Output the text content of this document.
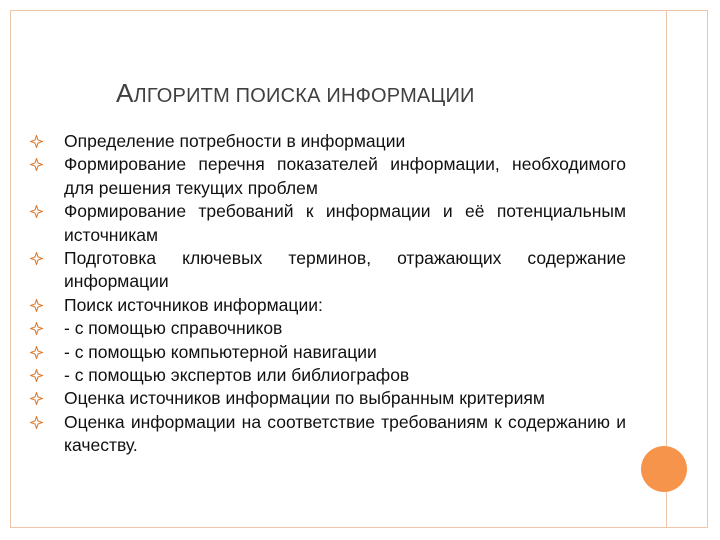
АЛГОРИТМ ПОИСКА ИНФОРМАЦИИ
Определение потребности в информации
Формирование перечня показателей информации, необходимого для решения текущих проблем
Формирование требований к информации и её потенциальным источникам
Подготовка ключевых терминов, отражающих содержание информации
Поиск источников информации:
- с помощью справочников
- с помощью компьютерной навигации
- с помощью экспертов или библиографов
Оценка источников информации по выбранным критериям
Оценка информации на соответствие требованиям к содержанию и качеству.
